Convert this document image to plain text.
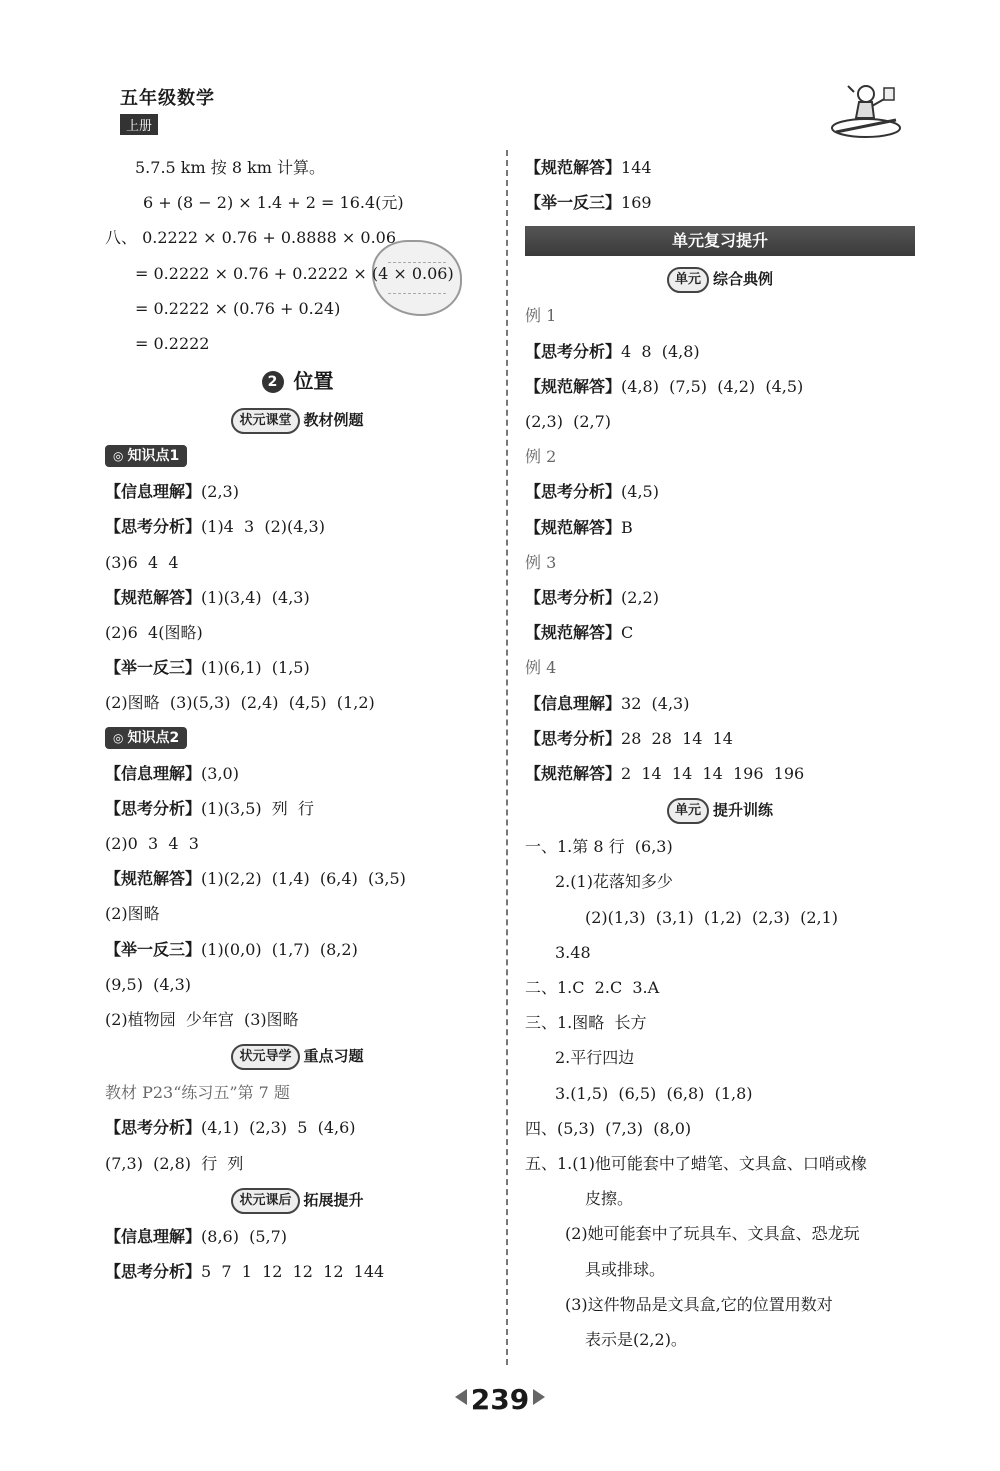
五年级数学
上册
5.7.5 km 按 8 km 计算。
6 + (8 − 2) × 1.4 + 2 = 16.4(元)
八、 0.2222 × 0.76 + 0.8888 × 0.06
= 0.2222 × 0.76 + 0.2222 × (4 × 0.06)
= 0.2222 × (0.76 + 0.24)
= 0.2222
2 位置
状元课堂 教材例题
◎ 知识点1
【信息理解】(2,3)
【思考分析】(1)4  3  (2)(4,3)
(3)6  4  4
【规范解答】(1)(3,4)  (4,3)
(2)6  4(图略)
【举一反三】(1)(6,1)  (1,5)
(2)图略  (3)(5,3)  (2,4)  (4,5)  (1,2)
◎ 知识点2
【信息理解】(3,0)
【思考分析】(1)(3,5)  列  行
(2)0  3  4  3
【规范解答】(1)(2,2)  (1,4)  (6,4)  (3,5)
(2)图略
【举一反三】(1)(0,0)  (1,7)  (8,2)
(9,5)  (4,3)
(2)植物园  少年宫  (3)图略
状元导学 重点习题
教材 P23“练习五”第 7 题
【思考分析】(4,1)  (2,3)  5  (4,6)
(7,3)  (2,8)  行  列
状元课后 拓展提升
【信息理解】(8,6)  (5,7)
【思考分析】5  7  1  12  12  12  144
【规范解答】144
【举一反三】169
单元复习提升
单元 综合典例
例 1
【思考分析】4  8  (4,8)
【规范解答】(4,8)  (7,5)  (4,2)  (4,5)
(2,3)  (2,7)
例 2
【思考分析】(4,5)
【规范解答】B
例 3
【思考分析】(2,2)
【规范解答】C
例 4
【信息理解】32  (4,3)
【思考分析】28  28  14  14
【规范解答】2  14  14  14  196  196
单元 提升训练
一、1.第 8 行  (6,3)
2.(1)花落知多少
(2)(1,3)  (3,1)  (1,2)  (2,3)  (2,1)
3.48
二、1.C  2.C  3.A
三、1.图略  长方
2.平行四边
3.(1,5)  (6,5)  (6,8)  (1,8)
四、(5,3)  (7,3)  (8,0)
五、1.(1)他可能套中了蜡笔、文具盒、口哨或橡
皮擦。
(2)她可能套中了玩具车、文具盒、恐龙玩
具或排球。
(3)这件物品是文具盒,它的位置用数对
表示是(2,2)。
239
